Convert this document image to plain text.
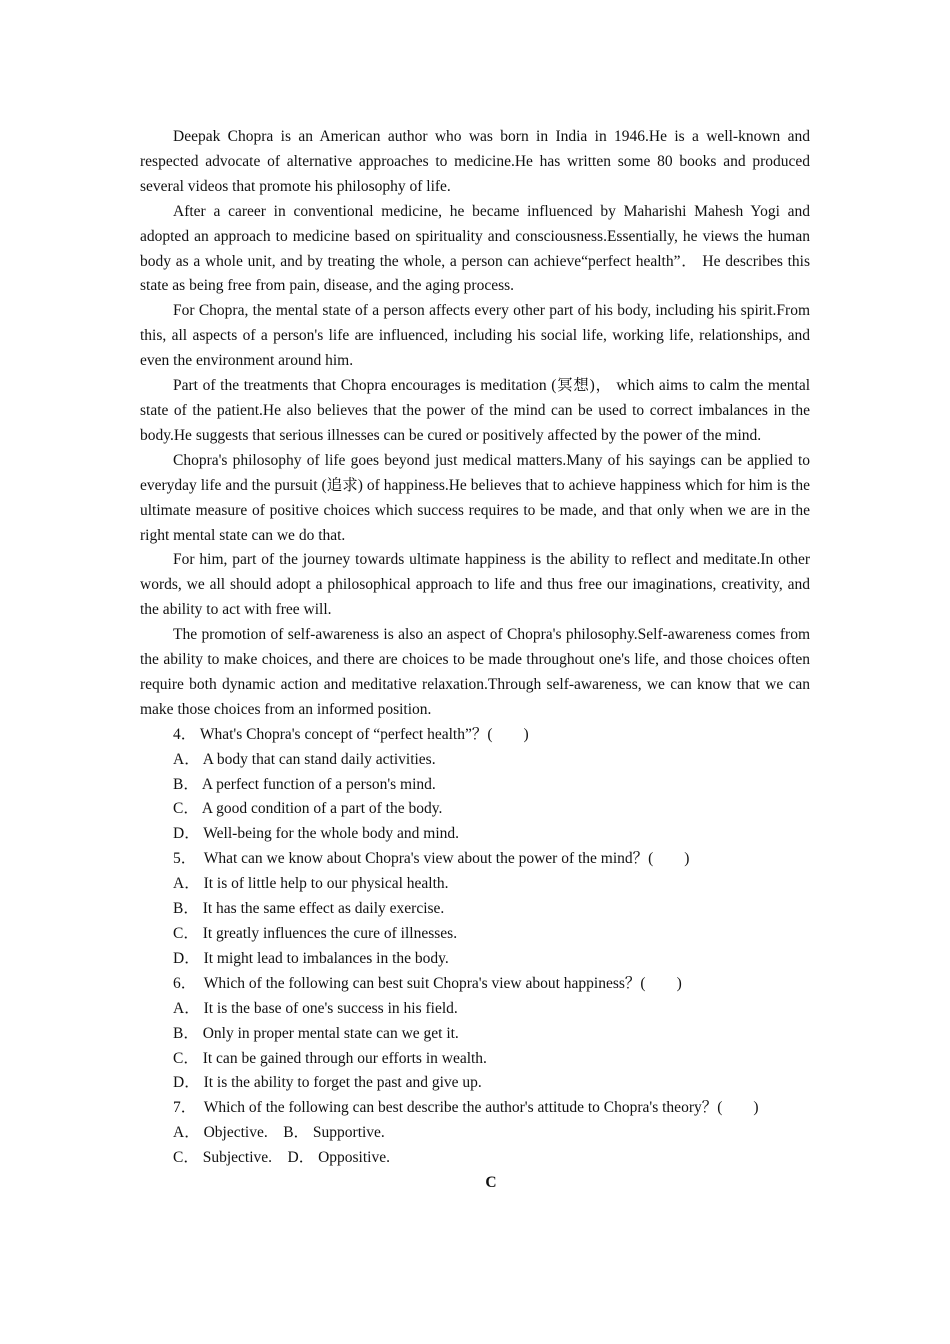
Deepak Chopra is an American author who was born in India in 1946.He is a well‑known and respected advocate of alternative approaches to medicine.He has written some 80 books and produced several videos that promote his philosophy of life.

After a career in conventional medicine, he became influenced by Maharishi Mahesh Yogi and adopted an approach to medicine based on spirituality and consciousness.Essentially, he views the human body as a whole unit, and by treating the whole, a person can achieve“perfect health”． He describes this state as being free from pain, disease, and the aging process.

For Chopra, the mental state of a person affects every other part of his body, including his spirit.From this, all aspects of a person's life are influenced, including his social life, working life, relationships, and even the environment around him.

Part of the treatments that Chopra encourages is meditation (冥想)， which aims to calm the mental state of the patient.He also believes that the power of the mind can be used to correct imbalances in the body.He suggests that serious illnesses can be cured or positively affected by the power of the mind.

Chopra's philosophy of life goes beyond just medical matters.Many of his sayings can be applied to everyday life and the pursuit (追求) of happiness.He believes that to achieve happiness which for him is the ultimate measure of positive choices which success requires to be made, and that only when we are in the right mental state can we do that.

For him, part of the journey towards ultimate happiness is the ability to reflect and meditate.In other words, we all should adopt a philosophical approach to life and thus free our imaginations, creativity, and the ability to act with free will.

The promotion of self‑awareness is also an aspect of Chopra's philosophy.Self‑awareness comes from the ability to make choices, and there are choices to be made throughout one's life, and those choices often require both dynamic action and meditative relaxation.Through self‑awareness, we can know that we can make those choices from an informed position.

4． What's Chopra's concept of “perfect health”？(　　)

A． A body that can stand daily activities.

B． A perfect function of a person's mind.

C． A good condition of a part of the body.

D． Well‑being for the whole body and mind.

5．  What can we know about Chopra's view about the power of the mind？(　　)

A． It is of little help to our physical health.

B． It has the same effect as daily exercise.

C． It greatly influences the cure of illnesses.

D． It might lead to imbalances in the body.

6．  Which of the following can best suit Chopra's view about happiness？(　　)

A． It is the base of one's success in his field.

B． Only in proper mental state can we get it.

C． It can be gained through our efforts in wealth.

D． It is the ability to forget the past and give up.

7．  Which of the following can best describe the author's attitude to Chopra's theory？(　　)

A． Objective.　B． Supportive.

C． Subjective.　D． Oppositive.

C
